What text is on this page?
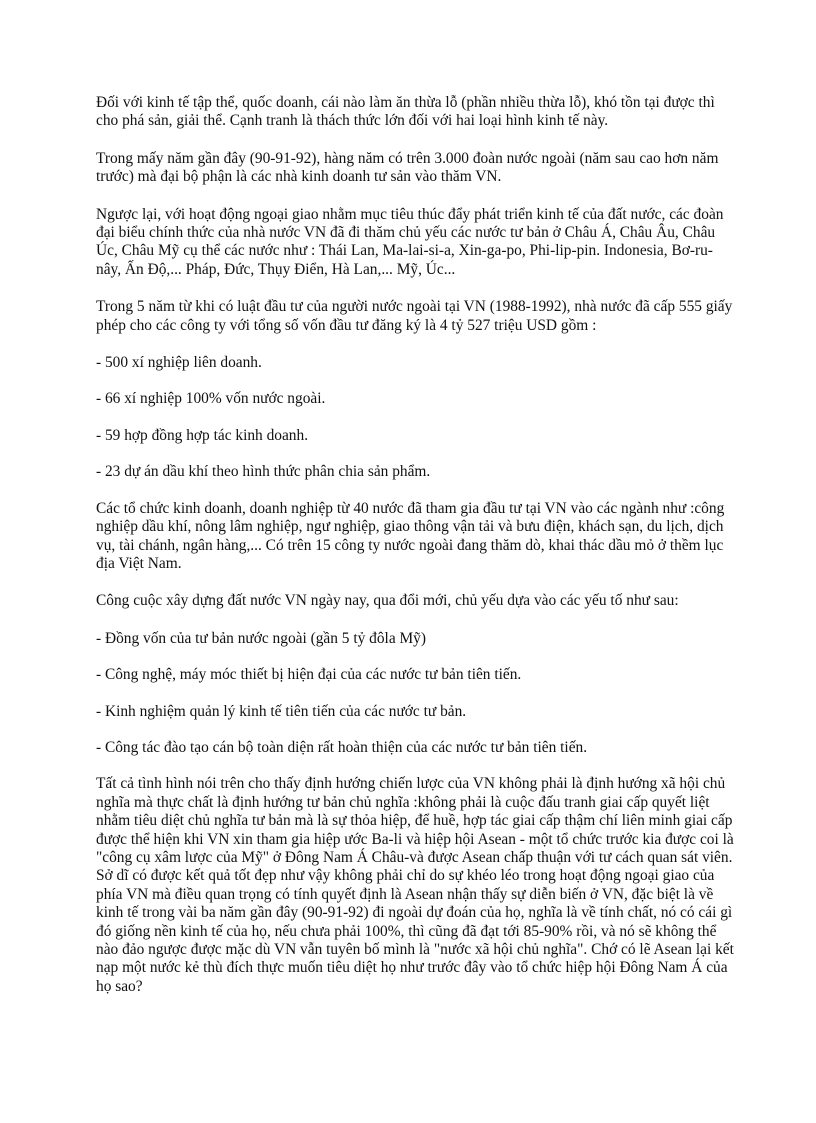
Đối với kinh tế tập thể, quốc doanh, cái nào làm ăn thừa lỗ (phần nhiều thừa lỗ), khó tồn tại được thì cho phá sản, giải thể. Cạnh tranh là thách thức lớn đối với hai loại hình kinh tế này.

Trong mấy năm gần đây (90-91-92), hàng năm có trên 3.000 đoàn nước ngoài (năm sau cao hơn năm trước) mà đại bộ phận là các nhà kinh doanh tư sản vào thăm VN.

Ngược lại, với hoạt động ngoại giao nhằm mục tiêu thúc đẩy phát triển kinh tế của đất nước, các đoàn đại biểu chính thức của nhà nước VN đã đi thăm chủ yếu các nước tư bản ở Châu Á, Châu Âu, Châu Úc, Châu Mỹ cụ thể các nước như : Thái Lan, Ma-lai-si-a, Xin-ga-po, Phi-lip-pin. Indonesia, Bơ-ru-nây, Ấn Độ,... Pháp, Đức, Thụy Điển, Hà Lan,... Mỹ, Úc...

Trong 5 năm từ khi có luật đầu tư của người nước ngoài tại VN (1988-1992), nhà nước đã cấp 555 giấy phép cho các công ty với tổng số vốn đầu tư đăng ký là 4 tỷ 527 triệu USD gồm :

- 500 xí nghiệp liên doanh.

- 66 xí nghiệp 100% vốn nước ngoài.

- 59 hợp đồng hợp tác kinh doanh.

- 23 dự án dầu khí theo hình thức phân chia sản phẩm.

Các tổ chức kinh doanh, doanh nghiệp từ 40 nước đã tham gia đầu tư tại VN vào các ngành như :công nghiệp dầu khí, nông lâm nghiệp, ngư nghiệp, giao thông vận tải và bưu điện, khách sạn, du lịch, dịch vụ, tài chánh, ngân hàng,... Có trên 15 công ty nước ngoài đang thăm dò, khai thác dầu mỏ ở thềm lục địa Việt Nam.

Công cuộc xây dựng đất nước VN ngày nay, qua đổi mới, chủ yếu dựa vào các yếu tố như sau:

- Đồng vốn của tư bản nước ngoài (gần 5 tỷ đôla Mỹ)

- Công nghệ, máy móc thiết bị hiện đại của các nước tư bản tiên tiến.

- Kinh nghiệm quản lý kinh tế tiên tiến của các nước tư bản.

- Công tác đào tạo cán bộ toàn diện rất hoàn thiện của các nước tư bản tiên tiến.

Tất cả tình hình nói trên cho thấy định hướng chiến lược của VN không phải là định hướng xã hội chủ nghĩa mà thực chất là định hướng tư bản chủ nghĩa :không phải là cuộc đấu tranh giai cấp quyết liệt nhằm tiêu diệt chủ nghĩa tư bản mà là sự thỏa hiệp, để huề, hợp tác giai cấp thậm chí liên minh giai cấp được thể hiện khi VN xin tham gia hiệp ước Ba-li và hiệp hội Asean - một tổ chức trước kia được coi là "công cụ xâm lược của Mỹ" ở Đông Nam Á Châu-và được Asean chấp thuận với tư cách quan sát viên. Sở dĩ có được kết quả tốt đẹp như vậy không phải chỉ do sự khéo léo trong hoạt động ngoại giao của phía VN mà điều quan trọng có tính quyết định là Asean nhận thấy sự diễn biến ở VN, đặc biệt là về kinh tế trong vài ba năm gần đây (90-91-92) đi ngoài dự đoán của họ, nghĩa là về tính chất, nó có cái gì đó giống nền kinh tế của họ, nếu chưa phải 100%, thì cũng đã đạt tới 85-90% rồi, và nó sẽ không thể nào đảo ngược được mặc dù VN vẫn tuyên bố mình là "nước xã hội chủ nghĩa". Chớ có lẽ Asean lại kết nạp một nước kẻ thù đích thực muốn tiêu diệt họ như trước đây vào tổ chức hiệp hội Đông Nam Á của họ sao?
